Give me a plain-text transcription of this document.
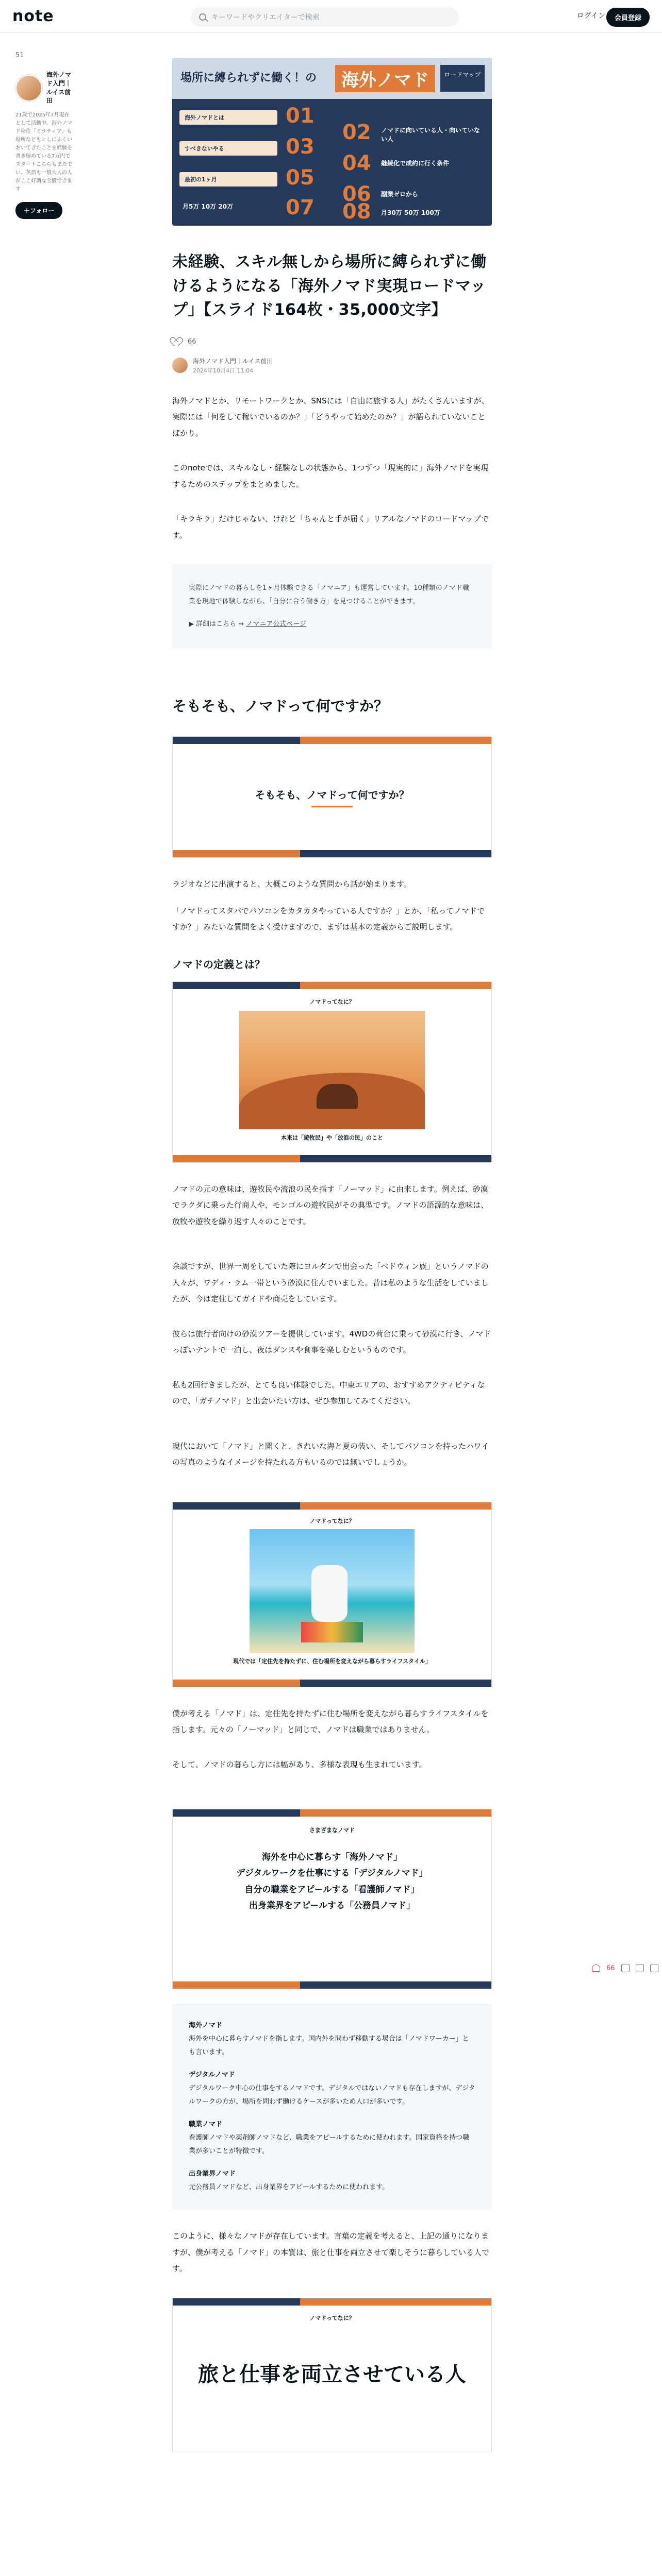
note	キーワードやクリエイターで検索	ログイン	会員登録
51
海外ノマド入門｜ルイス前田
21歳で2025年7月現在として活動中。海外ノマド移住「ミラティブ」も場所などもとしにふくいおいてきたことを経験を書き留めている7万円でスタートこちらもまたでい。英語も一般大人の人がここ好調な全般できます
＋フォロー
場所に縛られずに働く！の	海外ノマド	ロードマップ
海外ノマドとは	01
02 ノマドに向いている人・向いていない人
すべきないやる	03
04 継続化で成約に行く条件
最初の1ヶ月	05
06 副業ゼロから
月5万 10万 20万	07 08 月30万 50万 100万
未経験、スキル無しから場所に縛られずに働けるようになる「海外ノマド実現ロードマップ」【スライド164枚・35,000文字】
66
海外ノマド入門｜ルイス前田
2024年10月4日 11:04

海外ノマドとか、リモートワークとか、SNSには「自由に旅する人」がたくさんいますが、実際には「何をして稼いでいるのか？」「どうやって始めたのか？」が語られていないことばかり。

このnoteでは、スキルなし・経験なしの状態から、1つずつ「現実的に」海外ノマドを実現するためのステップをまとめました。

「キラキラ」だけじゃない、けれど「ちゃんと手が届く」リアルなノマドのロードマップです。

実際にノマドの暮らしを1ヶ月体験できる「ノマニア」も運営しています。10種類のノマド職業を現地で体験しながら、「自分に合う働き方」を見つけることができます。
▶ 詳細はこちら → ノマニア公式ページ
そもそも、ノマドって何ですか？
そもそも、ノマドって何ですか？

ラジオなどに出演すると、大概このような質問から話が始まります。

「ノマドってスタバでパソコンをカタカタやっている人ですか？」とか、「私ってノマドですか？」みたいな質問をよく受けますので、まずは基本の定義からご説明します。

ノマドの定義とは？
ノマドってなに？
本来は「遊牧民」や「放浪の民」のこと

ノマドの元の意味は、遊牧民や流浪の民を指す「ノーマッド」に由来します。例えば、砂漠でラクダに乗った行商人や、モンゴルの遊牧民がその典型です。ノマドの語源的な意味は、放牧や遊牧を繰り返す人々のことです。

余談ですが、世界一周をしていた際にヨルダンで出会った「ベドウィン族」というノマドの人々が、ワディ・ラム一帯という砂漠に住んでいました。昔は私のような生活をしていましたが、今は定住してガイドや商売をしています。

彼らは旅行者向けの砂漠ツアーを提供しています。4WDの荷台に乗って砂漠に行き、ノマドっぽいテントで一泊し、夜はダンスや食事を楽しむというものです。

私も2回行きましたが、とても良い体験でした。中東エリアの、おすすめアクティビティなので、「ガチノマド」と出会いたい方は、ぜひ参加してみてください。

現代において「ノマド」と聞くと、きれいな海と夏の装い、そしてパソコンを持ったハワイの写真のようなイメージを持たれる方もいるのでは無いでしょうか。

ノマドってなに？
現代では「定住先を持たずに、住む場所を変えながら暮らすライフスタイル」

僕が考える「ノマド」は、定住先を持たずに住む場所を変えながら暮らすライフスタイルを指します。元々の「ノーマッド」と同じで、ノマドは職業ではありません。

そして、ノマドの暮らし方には幅があり、多様な表現も生まれています。

さまざまなノマド
海外を中心に暮らす「海外ノマド」
デジタルワークを仕事にする「デジタルノマド」
自分の職業をアピールする「看護師ノマド」
出身業界をアピールする「公務員ノマド」
海外ノマド
海外を中心に暮らすノマドを指します。国内外を問わず移動する場合は「ノマドワーカー」とも言います。
デジタルノマド
デジタルワーク中心の仕事をするノマドです。デジタルではないノマドも存在しますが、デジタルワークの方が、場所を問わず働けるケースが多いため人口が多いです。
職業ノマド
看護師ノマドや薬剤師ノマドなど、職業をアピールするために使われます。国家資格を持つ職業が多いことが特徴です。
出身業界ノマド
元公務員ノマドなど、出身業界をアピールするために使われます。

このように、様々なノマドが存在しています。言葉の定義を考えると、上記の通りになりますが、僕が考える「ノマド」の本質は、旅と仕事を両立させて楽しそうに暮らしている人です。

ノマドってなに？
旅と仕事を両立させている人
66
